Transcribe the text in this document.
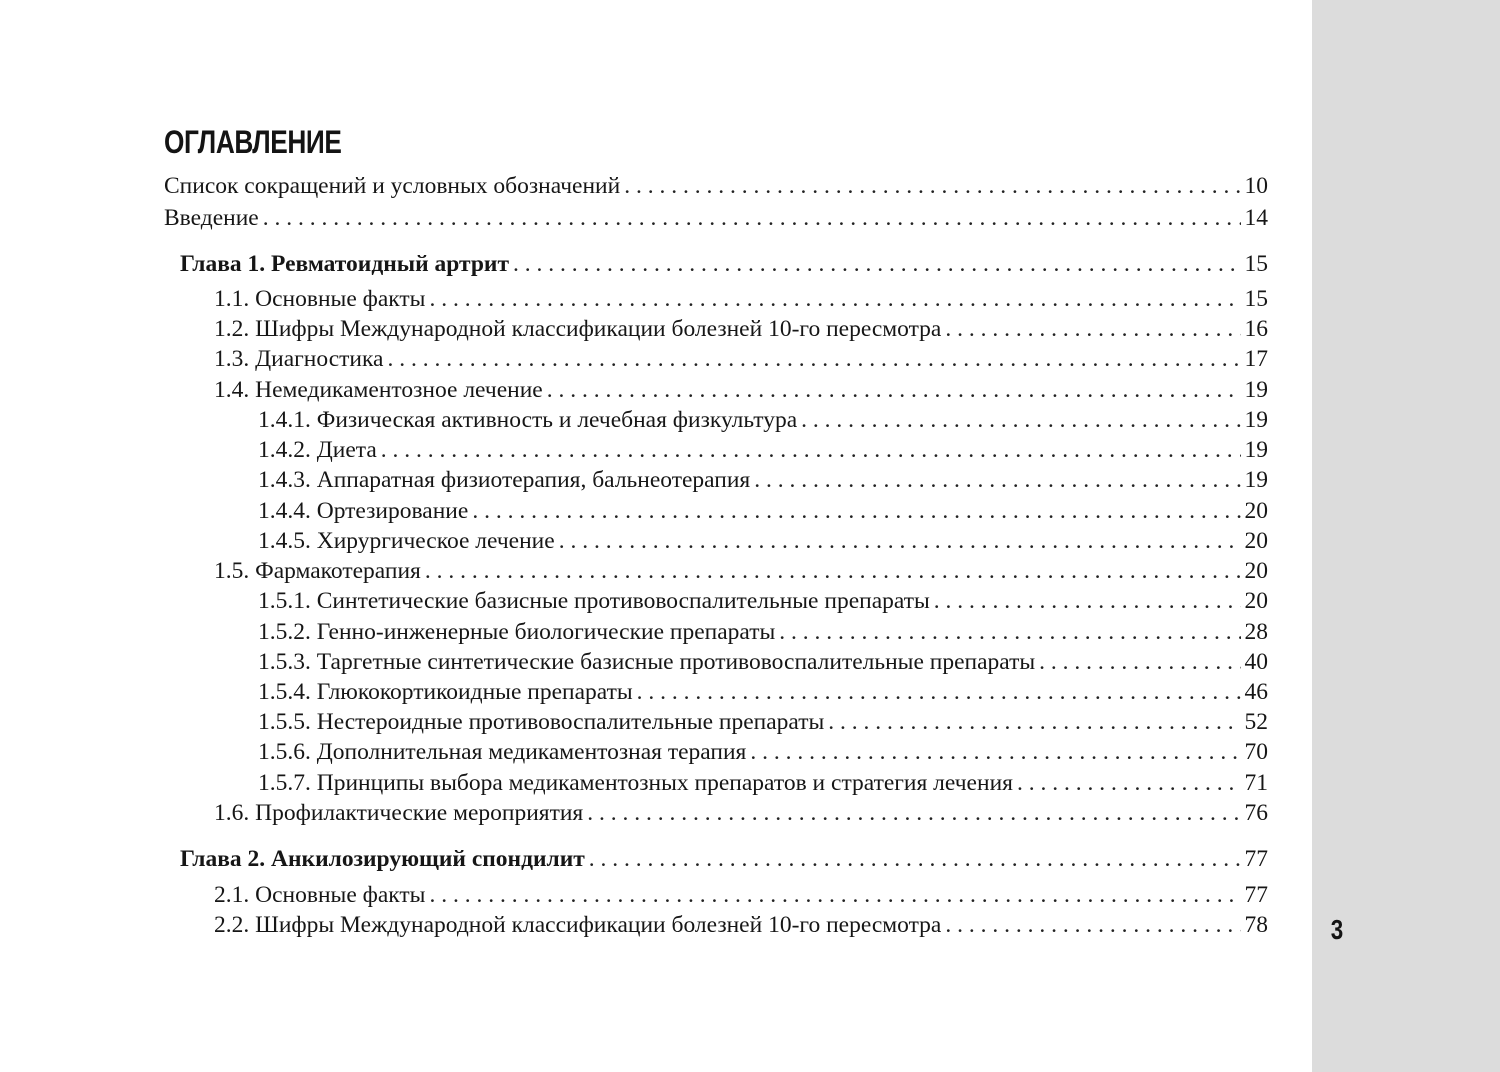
ОГЛАВЛЕНИЕ
Список сокращений и условных обозначений . . .	10
Введение . . .	14
Глава 1. Ревматоидный артрит . . .	15
1.1. Основные факты . . .	15
1.2. Шифры Международной классификации болезней 10-го пересмотра . . .	16
1.3. Диагностика . . .	17
1.4. Немедикаментозное лечение . . .	19
1.4.1. Физическая активность и лечебная физкультура . . .	19
1.4.2. Диета . . .	19
1.4.3. Аппаратная физиотерапия, бальнеотерапия . . .	19
1.4.4. Ортезирование . . .	20
1.4.5. Хирургическое лечение . . .	20
1.5. Фармакотерапия . . .	20
1.5.1. Синтетические базисные противовоспалительные препараты . . .	20
1.5.2. Генно-инженерные биологические препараты . . .	28
1.5.3. Таргетные синтетические базисные противовоспалительные препараты . . .	40
1.5.4. Глюкокортикоидные препараты . . .	46
1.5.5. Нестероидные противовоспалительные препараты . . .	52
1.5.6. Дополнительная медикаментозная терапия . . .	70
1.5.7. Принципы выбора медикаментозных препаратов и стратегия лечения . . .	71
1.6. Профилактические мероприятия . . .	76
Глава 2. Анкилозирующий спондилит . . .	77
2.1. Основные факты . . .	77
2.2. Шифры Международной классификации болезней 10-го пересмотра . . .	78 3
